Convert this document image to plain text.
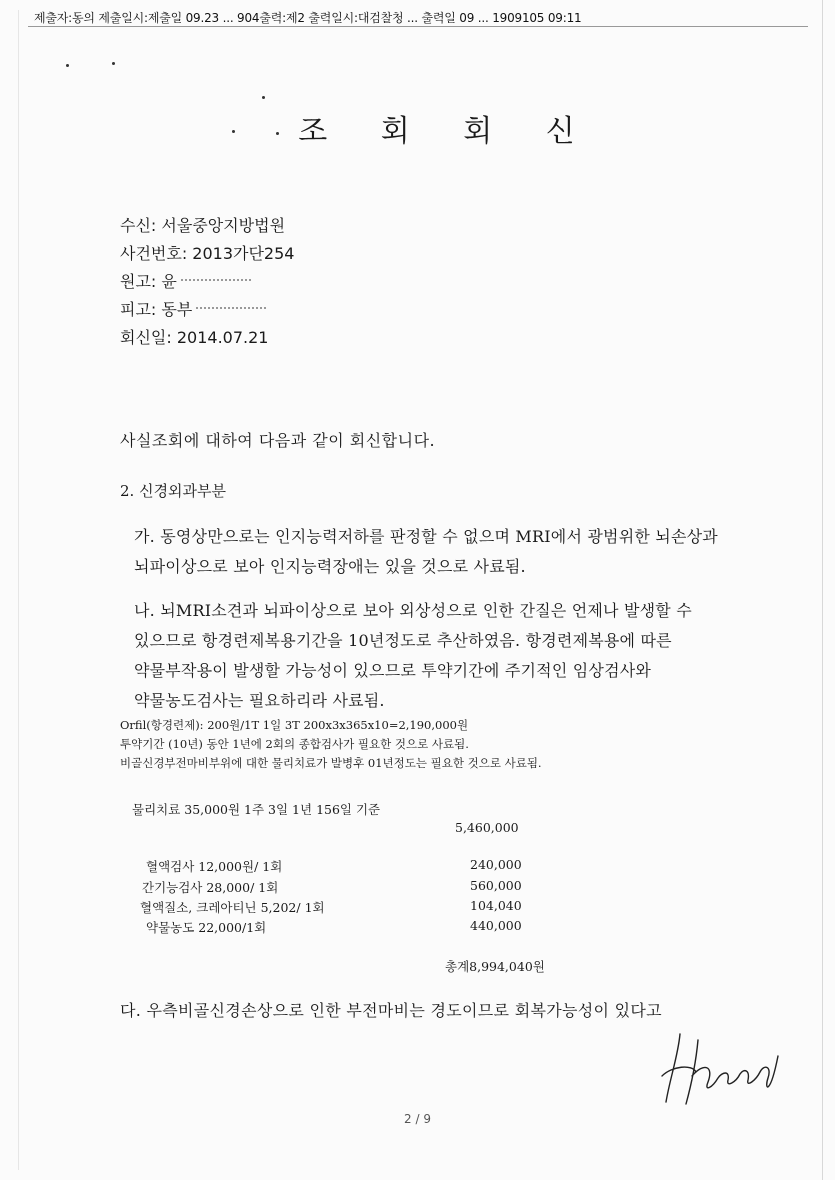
제출자:동의 제출일시:제출일 09.23 ... 904출력:제2 출력일시:대검찰청 ... 출력일 09 ... 1909105 09:11
조 회 회 신
수신: 서울중앙지방법원
사건번호: 2013가단254
원고: 윤
피고: 동부
회신일: 2014.07.21
사실조회에 대하여 다음과 같이 회신합니다.
2. 신경외과부분
가. 동영상만으로는 인지능력저하를 판정할 수 없으며 MRI에서 광범위한 뇌손상과 뇌파이상으로 보아 인지능력장애는 있을 것으로 사료됨.
나. 뇌MRI소견과 뇌파이상으로 보아 외상성으로 인한 간질은 언제나 발생할 수 있으므로 항경련제복용기간을 10년정도로 추산하였음. 항경련제복용에 따른 약물부작용이 발생할 가능성이 있으므로 투약기간에 주기적인 임상검사와 약물농도검사는 필요하리라 사료됨.
Orfil(항경련제): 200원/1T 1일 3T 200x3x365x10=2,190,000원
투약기간 (10년) 동안 1년에 2회의 종합검사가 필요한 것으로 사료됨.
비골신경부전마비부위에 대한 물리치료가 발병후 01년정도는 필요한 것으로 사료됨.
물리치료 35,000원 1주 3일 1년 156일 기준
5,460,000
혈액검사 12,000원/ 1회	240,000
간기능검사 28,000/ 1회	560,000
혈액질소, 크레아티닌 5,202/ 1회	104,040
약물농도 22,000/1회	440,000
총계8,994,040원
다. 우측비골신경손상으로 인한 부전마비는 경도이므로 회복가능성이 있다고
2 / 9
